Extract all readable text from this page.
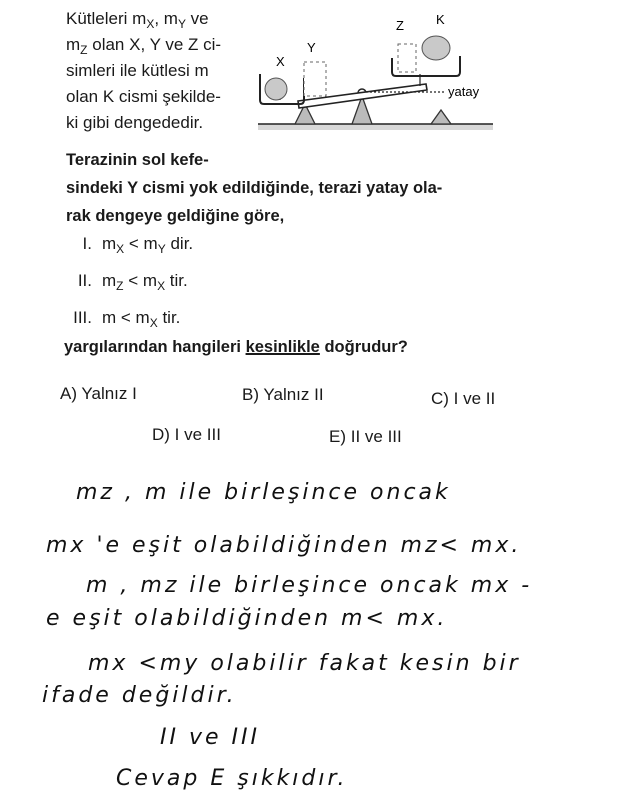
Kütleleri $m_X$, $m_Y$ ve
$m_Z$ olan X, Y ve Z ci-
simleri ile kütlesi m
olan K cismi şekilde-
ki gibi dengededir.
X
Y
Z K
yatay
Terazinin sol kefe-
sindeki Y cismi yok edildiğinde, terazi yatay ola-
rak dengeye geldiğine göre,
I. $m_X < m_Y$ dir.
II. $m_Z < m_X$ tir.
III. $m < m_X$ tir.
yargılarından hangileri kesinlikle doğrudur?
A) Yalnız I	B) Yalnız II	C) I ve II
D) I ve III	E) II ve III
mz , m ile birleşince oncak
mx 'e eşit olabildiğinden mz< mx.
m , mz ile birleşince oncak mx -
e eşit olabildiğinden m< mx.
mx <my olabilir fakat kesin bir
ifade değildir.
II ve III
Cevap E şıkkıdır.
